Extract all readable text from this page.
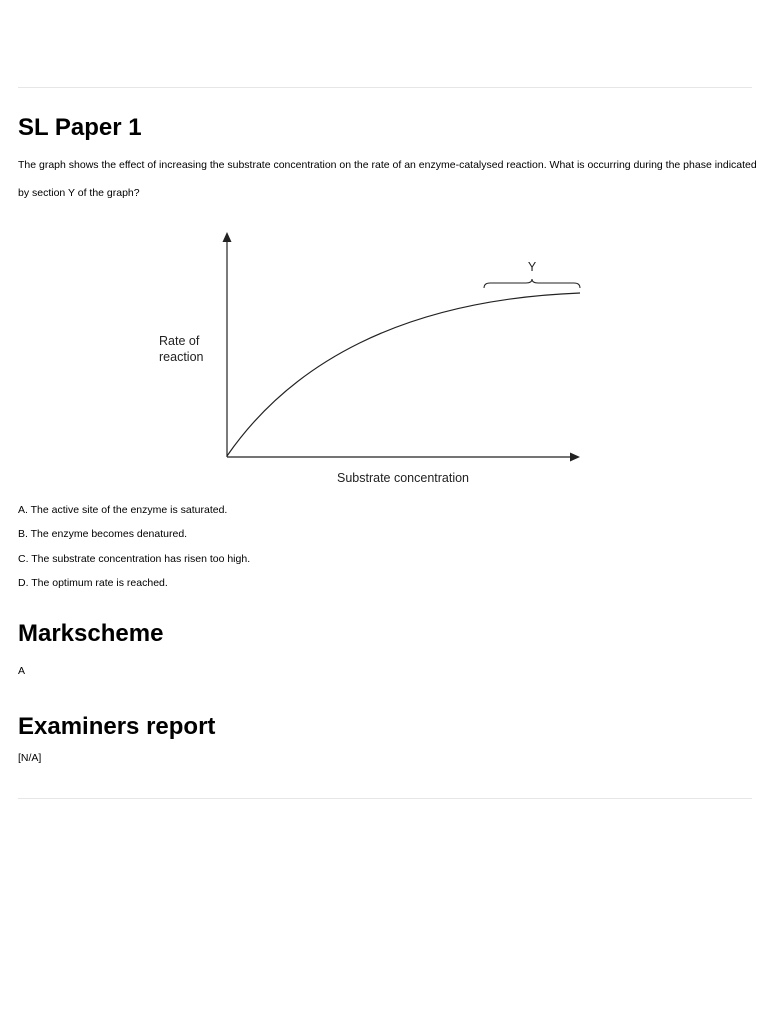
SL Paper 1

The graph shows the effect of increasing the substrate concentration on the rate of an enzyme-catalysed reaction. What is occurring during the phase indicated by section Y of the graph?

Y
Rate of
reaction
Substrate concentration
A. The active site of the enzyme is saturated.
B. The enzyme becomes denatured.
C. The substrate concentration has risen too high.
D. The optimum rate is reached.
Markscheme

A

Examiners report

[N/A]
